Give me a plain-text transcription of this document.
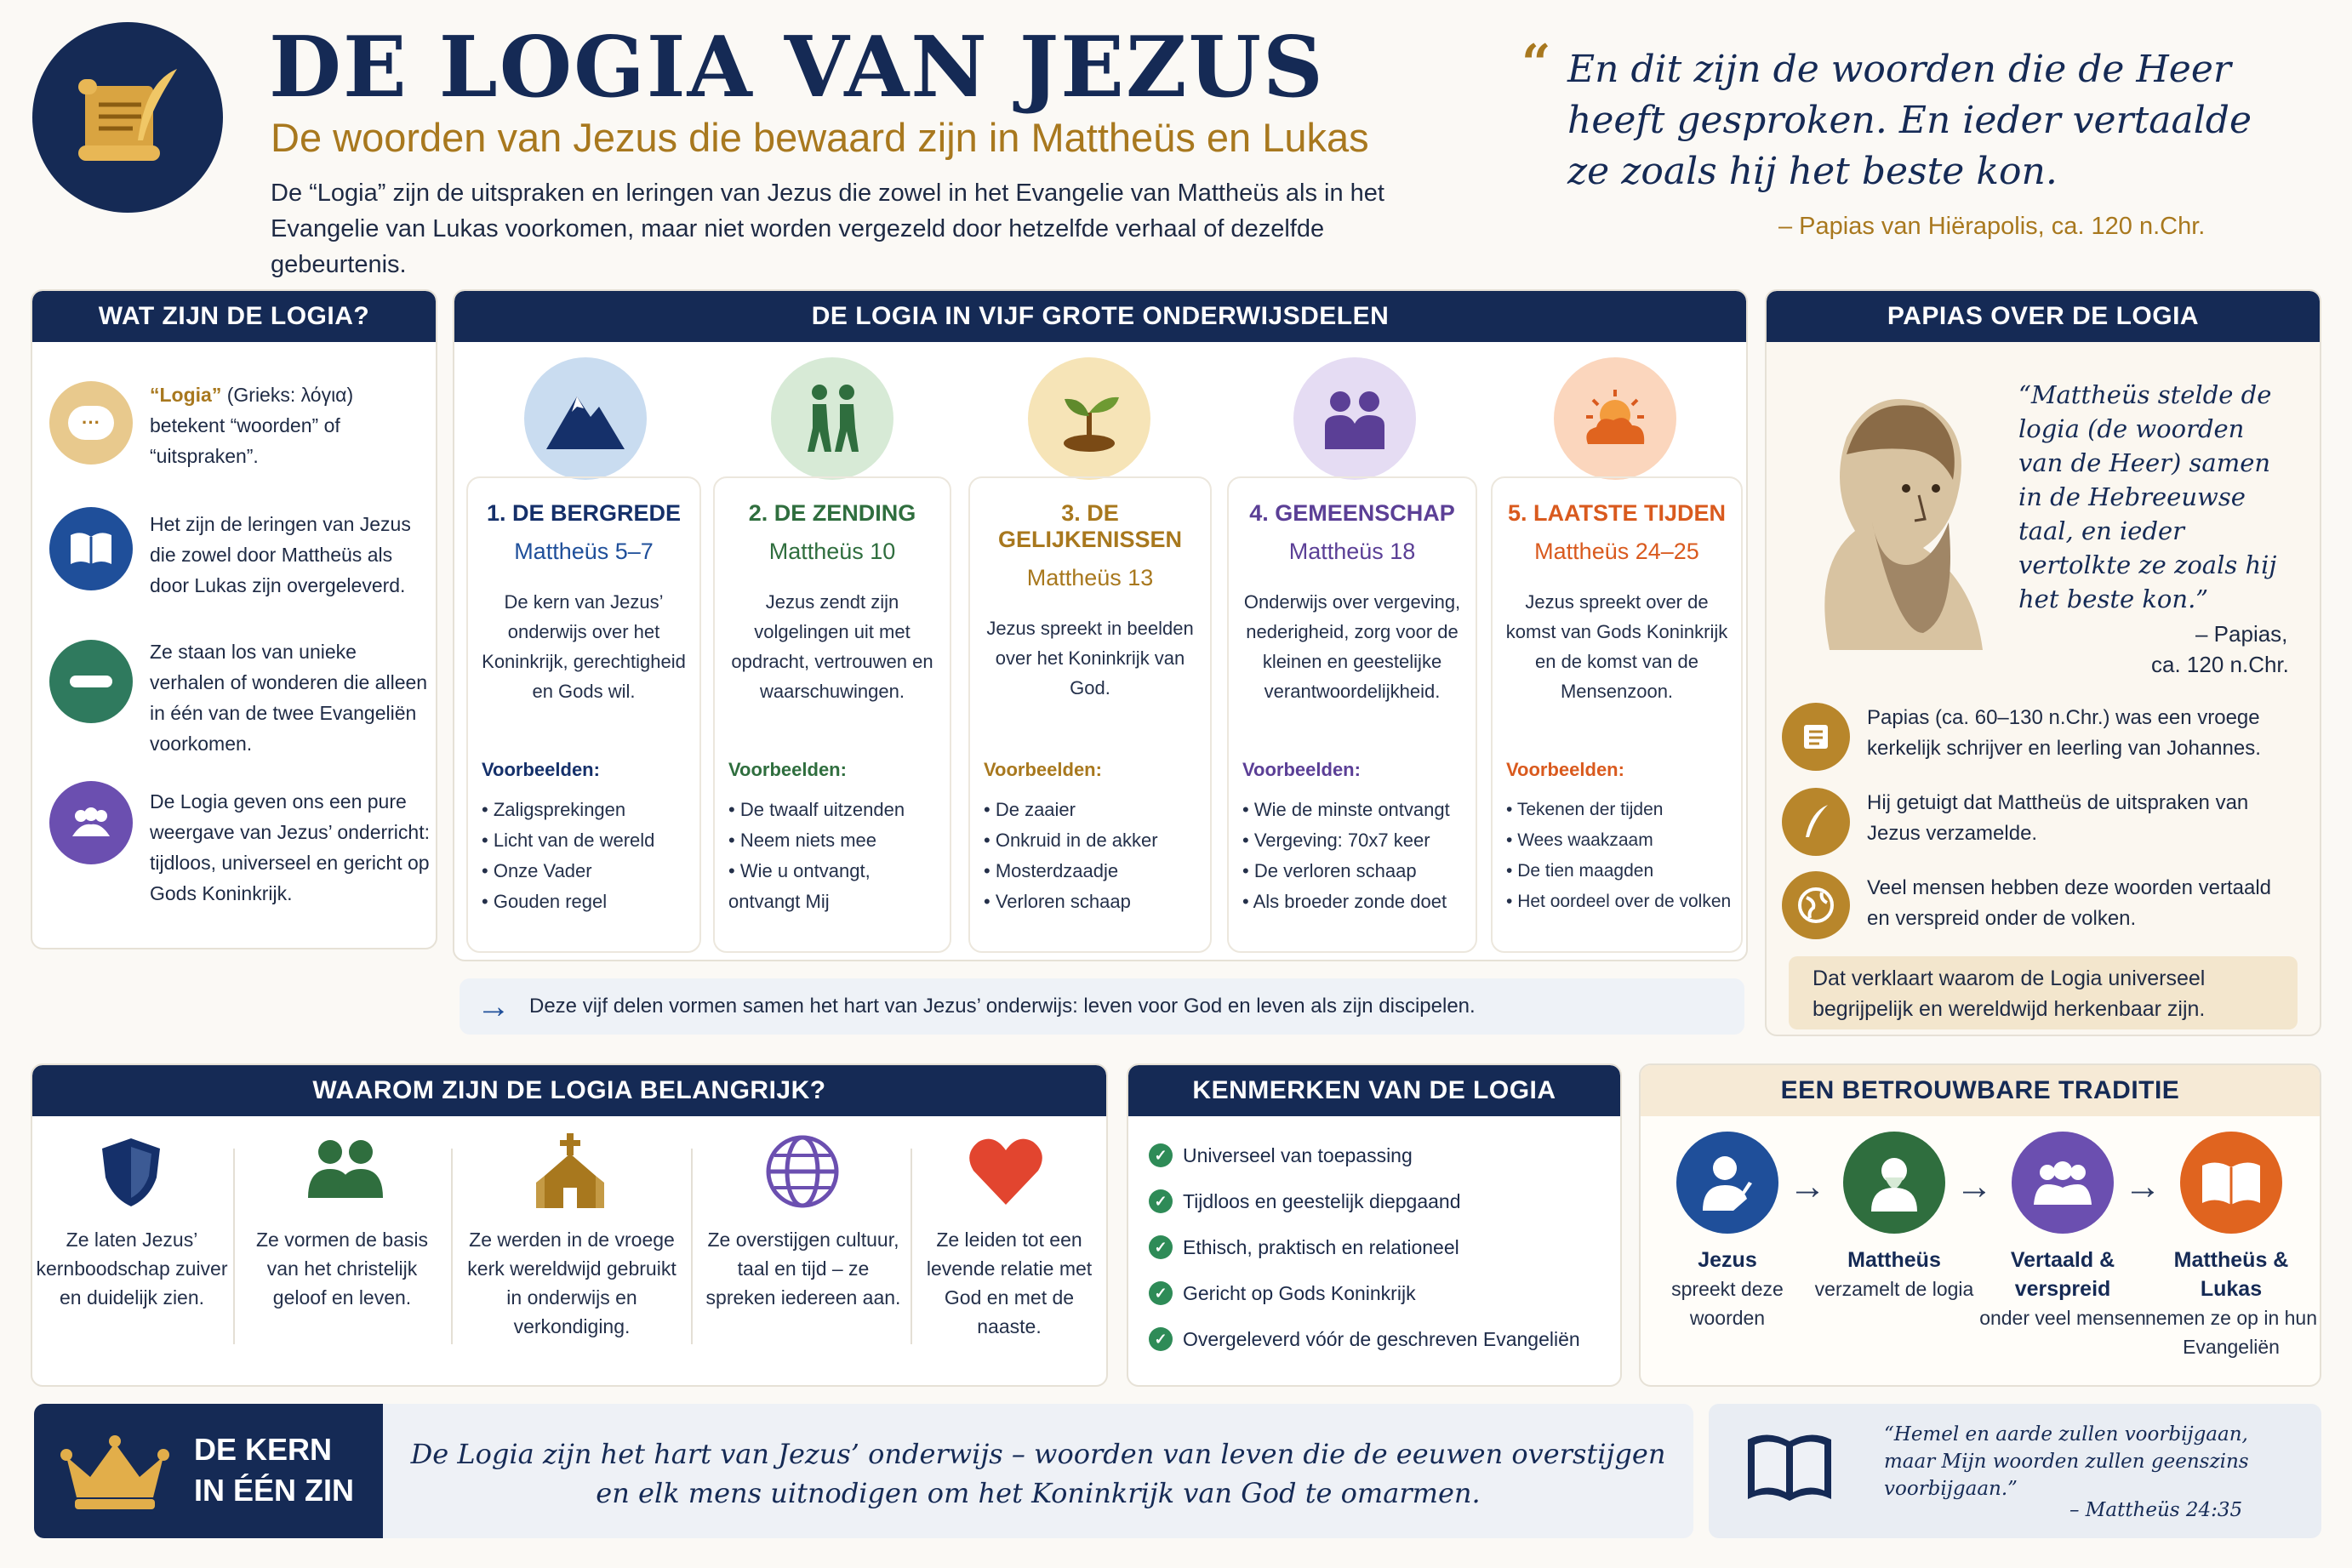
DE LOGIA VAN JEZUS
De woorden van Jezus die bewaard zijn in Mattheüs en Lukas
De “Logia” zijn de uitspraken en leringen van Jezus die zowel in het Evangelie van Mattheüs als in het Evangelie van Lukas voorkomen, maar niet worden vergezeld door hetzelfde verhaal of dezelfde gebeurtenis.
“ En dit zijn de woorden die de Heer heeft gesproken. En ieder vertaalde ze zoals hij het beste kon.
– Papias van Hiërapolis, ca. 120 n.Chr.
WAT ZIJN DE LOGIA?
···
“Logia” (Grieks: λόγια) betekent “woorden” of “uitspraken”.
Het zijn de leringen van Jezus die zowel door Mattheüs als door Lukas zijn overgeleverd.
Ze staan los van unieke verhalen of wonderen die alleen in één van de twee Evangeliën voorkomen.
De Logia geven ons een pure weergave van Jezus’ onderricht: tijdloos, universeel en gericht op Gods Koninkrijk.
DE LOGIA IN VIJF GROTE ONDERWIJSDELEN
1. DE BERGREDE
Mattheüs 5–7
De kern van Jezus’ onderwijs over het Koninkrijk, gerechtigheid en Gods wil.
Voorbeelden:
• Zaligsprekingen
• Licht van de wereld
• Onze Vader
• Gouden regel
2. DE ZENDING
Mattheüs 10
Jezus zendt zijn volgelingen uit met opdracht, vertrouwen en waarschuwingen.
Voorbeelden:
• De twaalf uitzenden
• Neem niets mee
• Wie u ontvangt, ontvangt Mij
3. DE GELIJKENISSEN
Mattheüs 13
Jezus spreekt in beelden over het Koninkrijk van God.
Voorbeelden:
• De zaaier
• Onkruid in de akker
• Mosterdzaadje
• Verloren schaap
4. GEMEENSCHAP
Mattheüs 18
Onderwijs over vergeving, nederigheid, zorg voor de kleinen en geestelijke verantwoordelijkheid.
Voorbeelden:
• Wie de minste ontvangt
• Vergeving: 70x7 keer
• De verloren schaap
• Als broeder zonde doet
5. LAATSTE TIJDEN
Mattheüs 24–25
Jezus spreekt over de komst van Gods Koninkrijk en de komst van de Mensenzoon.
Voorbeelden:
• Tekenen der tijden
• Wees waakzaam
• De tien maagden
• Het oordeel over de volken
→ Deze vijf delen vormen samen het hart van Jezus’ onderwijs: leven voor God en leven als zijn discipelen.
PAPIAS OVER DE LOGIA
“Mattheüs stelde de logia (de woorden van de Heer) samen in de Hebreeuwse taal, en ieder vertolkte ze zoals hij het beste kon.”
– Papias,
ca. 120 n.Chr.
Papias (ca. 60–130 n.Chr.) was een vroege kerkelijk schrijver en leerling van Johannes.
Hij getuigt dat Mattheüs de uitspraken van Jezus verzamelde.
Veel mensen hebben deze woorden vertaald en verspreid onder de volken.
Dat verklaart waarom de Logia universeel begrijpelijk en wereldwijd herkenbaar zijn.
WAAROM ZIJN DE LOGIA BELANGRIJK?
Ze laten Jezus’ kernboodschap zuiver en duidelijk zien.
Ze vormen de basis van het christelijk geloof en leven.
Ze werden in de vroege kerk wereldwijd gebruikt in onderwijs en verkondiging.
Ze overstijgen cultuur, taal en tijd – ze spreken iedereen aan.
Ze leiden tot een levende relatie met God en met de naaste.
KENMERKEN VAN DE LOGIA
✓ Universeel van toepassing
✓ Tijdloos en geestelijk diepgaand
✓ Ethisch, praktisch en relationeel
✓ Gericht op Gods Koninkrijk
✓ Overgeleverd vóór de geschreven Evangeliën
EEN BETROUWBARE TRADITIE
→	→	→
Jezus
spreekt deze woorden
Mattheüs
verzamelt de logia
Vertaald & verspreid
onder veel mensen
Mattheüs & Lukas
nemen ze op in hun Evangeliën
DE KERN
IN ÉÉN ZIN
De Logia zijn het hart van Jezus’ onderwijs – woorden van leven die de eeuwen overstijgen
en elk mens uitnodigen om het Koninkrijk van God te omarmen.
“Hemel en aarde zullen voorbijgaan, maar Mijn woorden zullen geenszins voorbijgaan.”
– Mattheüs 24:35
